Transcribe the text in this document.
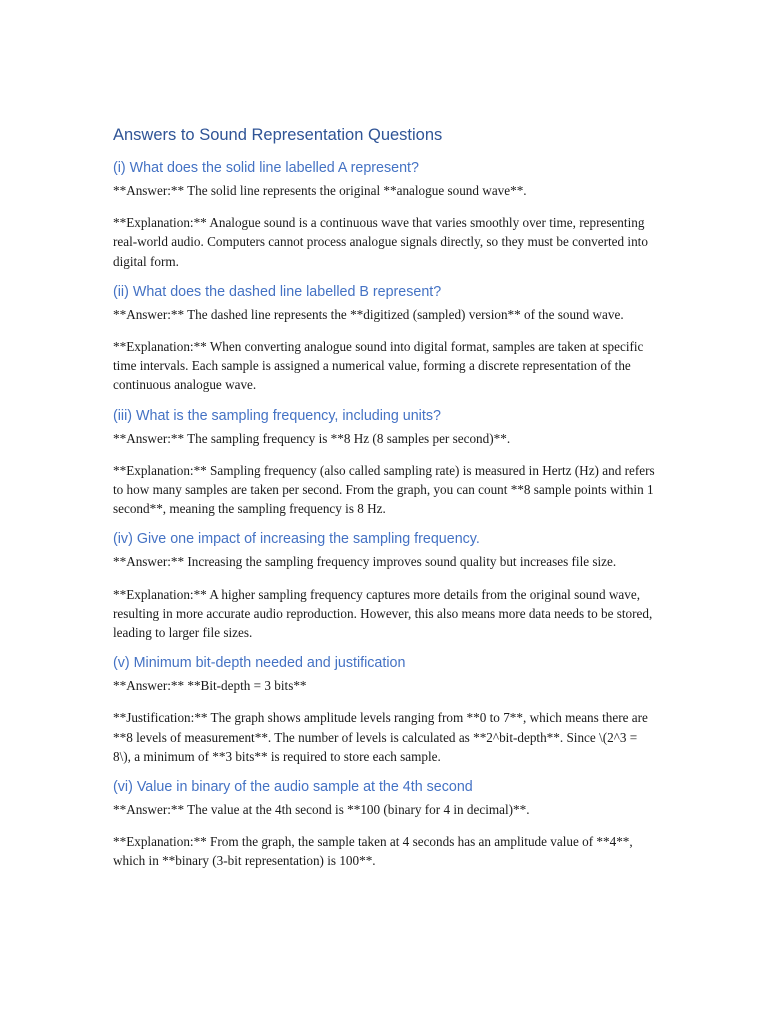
Answers to Sound Representation Questions
(i) What does the solid line labelled A represent?

**Answer:** The solid line represents the original **analogue sound wave**.

**Explanation:** Analogue sound is a continuous wave that varies smoothly over time, representing real-world audio. Computers cannot process analogue signals directly, so they must be converted into digital form.

(ii) What does the dashed line labelled B represent?

**Answer:** The dashed line represents the **digitized (sampled) version** of the sound wave.

**Explanation:** When converting analogue sound into digital format, samples are taken at specific time intervals. Each sample is assigned a numerical value, forming a discrete representation of the continuous analogue wave.

(iii) What is the sampling frequency, including units?

**Answer:** The sampling frequency is **8 Hz (8 samples per second)**.

**Explanation:** Sampling frequency (also called sampling rate) is measured in Hertz (Hz) and refers to how many samples are taken per second. From the graph, you can count **8 sample points within 1 second**, meaning the sampling frequency is 8 Hz.

(iv) Give one impact of increasing the sampling frequency.

**Answer:** Increasing the sampling frequency improves sound quality but increases file size.

**Explanation:** A higher sampling frequency captures more details from the original sound wave, resulting in more accurate audio reproduction. However, this also means more data needs to be stored, leading to larger file sizes.

(v) Minimum bit-depth needed and justification

**Answer:** **Bit-depth = 3 bits**

**Justification:** The graph shows amplitude levels ranging from **0 to 7**, which means there are **8 levels of measurement**. The number of levels is calculated as **2^bit-depth**. Since \(2^3 = 8\), a minimum of **3 bits** is required to store each sample.

(vi) Value in binary of the audio sample at the 4th second

**Answer:** The value at the 4th second is **100 (binary for 4 in decimal)**.

**Explanation:** From the graph, the sample taken at 4 seconds has an amplitude value of **4**, which in **binary (3-bit representation) is 100**.
